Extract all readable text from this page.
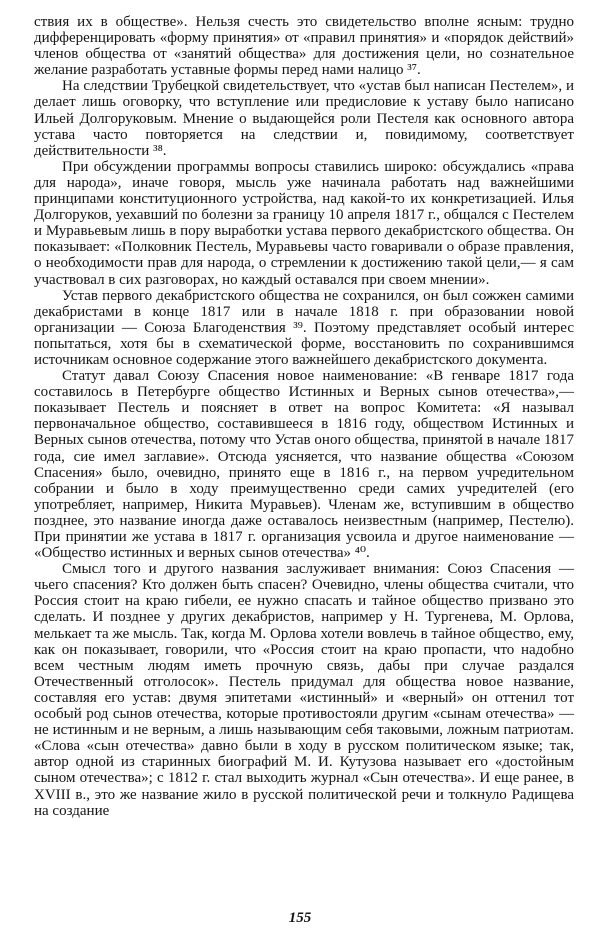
ствия их в обществе». Нельзя счесть это свидетельство вполне ясным: трудно дифференцировать «форму принятия» от «правил принятия» и «порядок действий» членов общества от «занятий общества» для достижения цели, но сознательное желание разработать уставные формы перед нами налицо ³⁷.

На следствии Трубецкой свидетельствует, что «устав был написан Пестелем», и делает лишь оговорку, что вступление или предисловие к уставу было написано Ильей Долгоруковым. Мнение о выдающейся роли Пестеля как основного автора устава часто повторяется на следствии и, повидимому, соответствует действительности ³⁸.

При обсуждении программы вопросы ставились широко: обсуждались «права для народа», иначе говоря, мысль уже начинала работать над важнейшими принципами конституционного устройства, над какой-то их конкретизацией. Илья Долгоруков, уехавший по болезни за границу 10 апреля 1817 г., общался с Пестелем и Муравьевым лишь в пору выработки устава первого декабристского общества. Он показывает: «Полковник Пестель, Муравьевы часто говаривали о образе правления, о необходимости прав для народа, о стремлении к достижению такой цели,— я сам участвовал в сих разговорах, но каждый оставался при своем мнении».

Устав первого декабристского общества не сохранился, он был сожжен самими декабристами в конце 1817 или в начале 1818 г. при образовании новой организации — Союза Благоденствия ³⁹. Поэтому представляет особый интерес попытаться, хотя бы в схематической форме, восстановить по сохранившимся источникам основное содержание этого важнейшего декабристского документа.

Статут давал Союзу Спасения новое наименование: «В генваре 1817 года составилось в Петербурге общество Истинных и Верных сынов отечества»,— показывает Пестель и поясняет в ответ на вопрос Комитета: «Я называл первоначальное общество, составившееся в 1816 году, обществом Истинных и Верных сынов отечества, потому что Устав оного общества, принятой в начале 1817 года, сие имел заглавие». Отсюда уясняется, что название общества «Союзом Спасения» было, очевидно, принято еще в 1816 г., на первом учредительном собрании и было в ходу преимущественно среди самих учредителей (его употребляет, например, Никита Муравьев). Членам же, вступившим в общество позднее, это название иногда даже оставалось неизвестным (например, Пестелю). При принятии же устава в 1817 г. организация усвоила и другое наименование — «Общество истинных и верных сынов отечества» ⁴⁰.

Смысл того и другого названия заслуживает внимания: Союз Спасения — чьего спасения? Кто должен быть спасен? Очевидно, члены общества считали, что Россия стоит на краю гибели, ее нужно спасать и тайное общество призвано это сделать. И позднее у других декабристов, например у Н. Тургенева, М. Орлова, мелькает та же мысль. Так, когда М. Орлова хотели вовлечь в тайное общество, ему, как он показывает, говорили, что «Россия стоит на краю пропасти, что надобно всем честным людям иметь прочную связь, дабы при случае раздался Отечественный отголосок». Пестель придумал для общества новое название, составляя его устав: двумя эпитетами «истинный» и «верный» он оттенил тот особый род сынов отечества, которые противостояли другим «сынам отечества» — не истинным и не верным, а лишь называющим себя таковыми, ложным патриотам. «Слова «сын отечества» давно были в ходу в русском политическом языке; так, автор одной из старинных биографий М. И. Кутузова называет его «достойным сыном отечества»; с 1812 г. стал выходить журнал «Сын отечества». И еще ранее, в XVIII в., это же название жило в русской политической речи и толкнуло Радищева на создание

155
